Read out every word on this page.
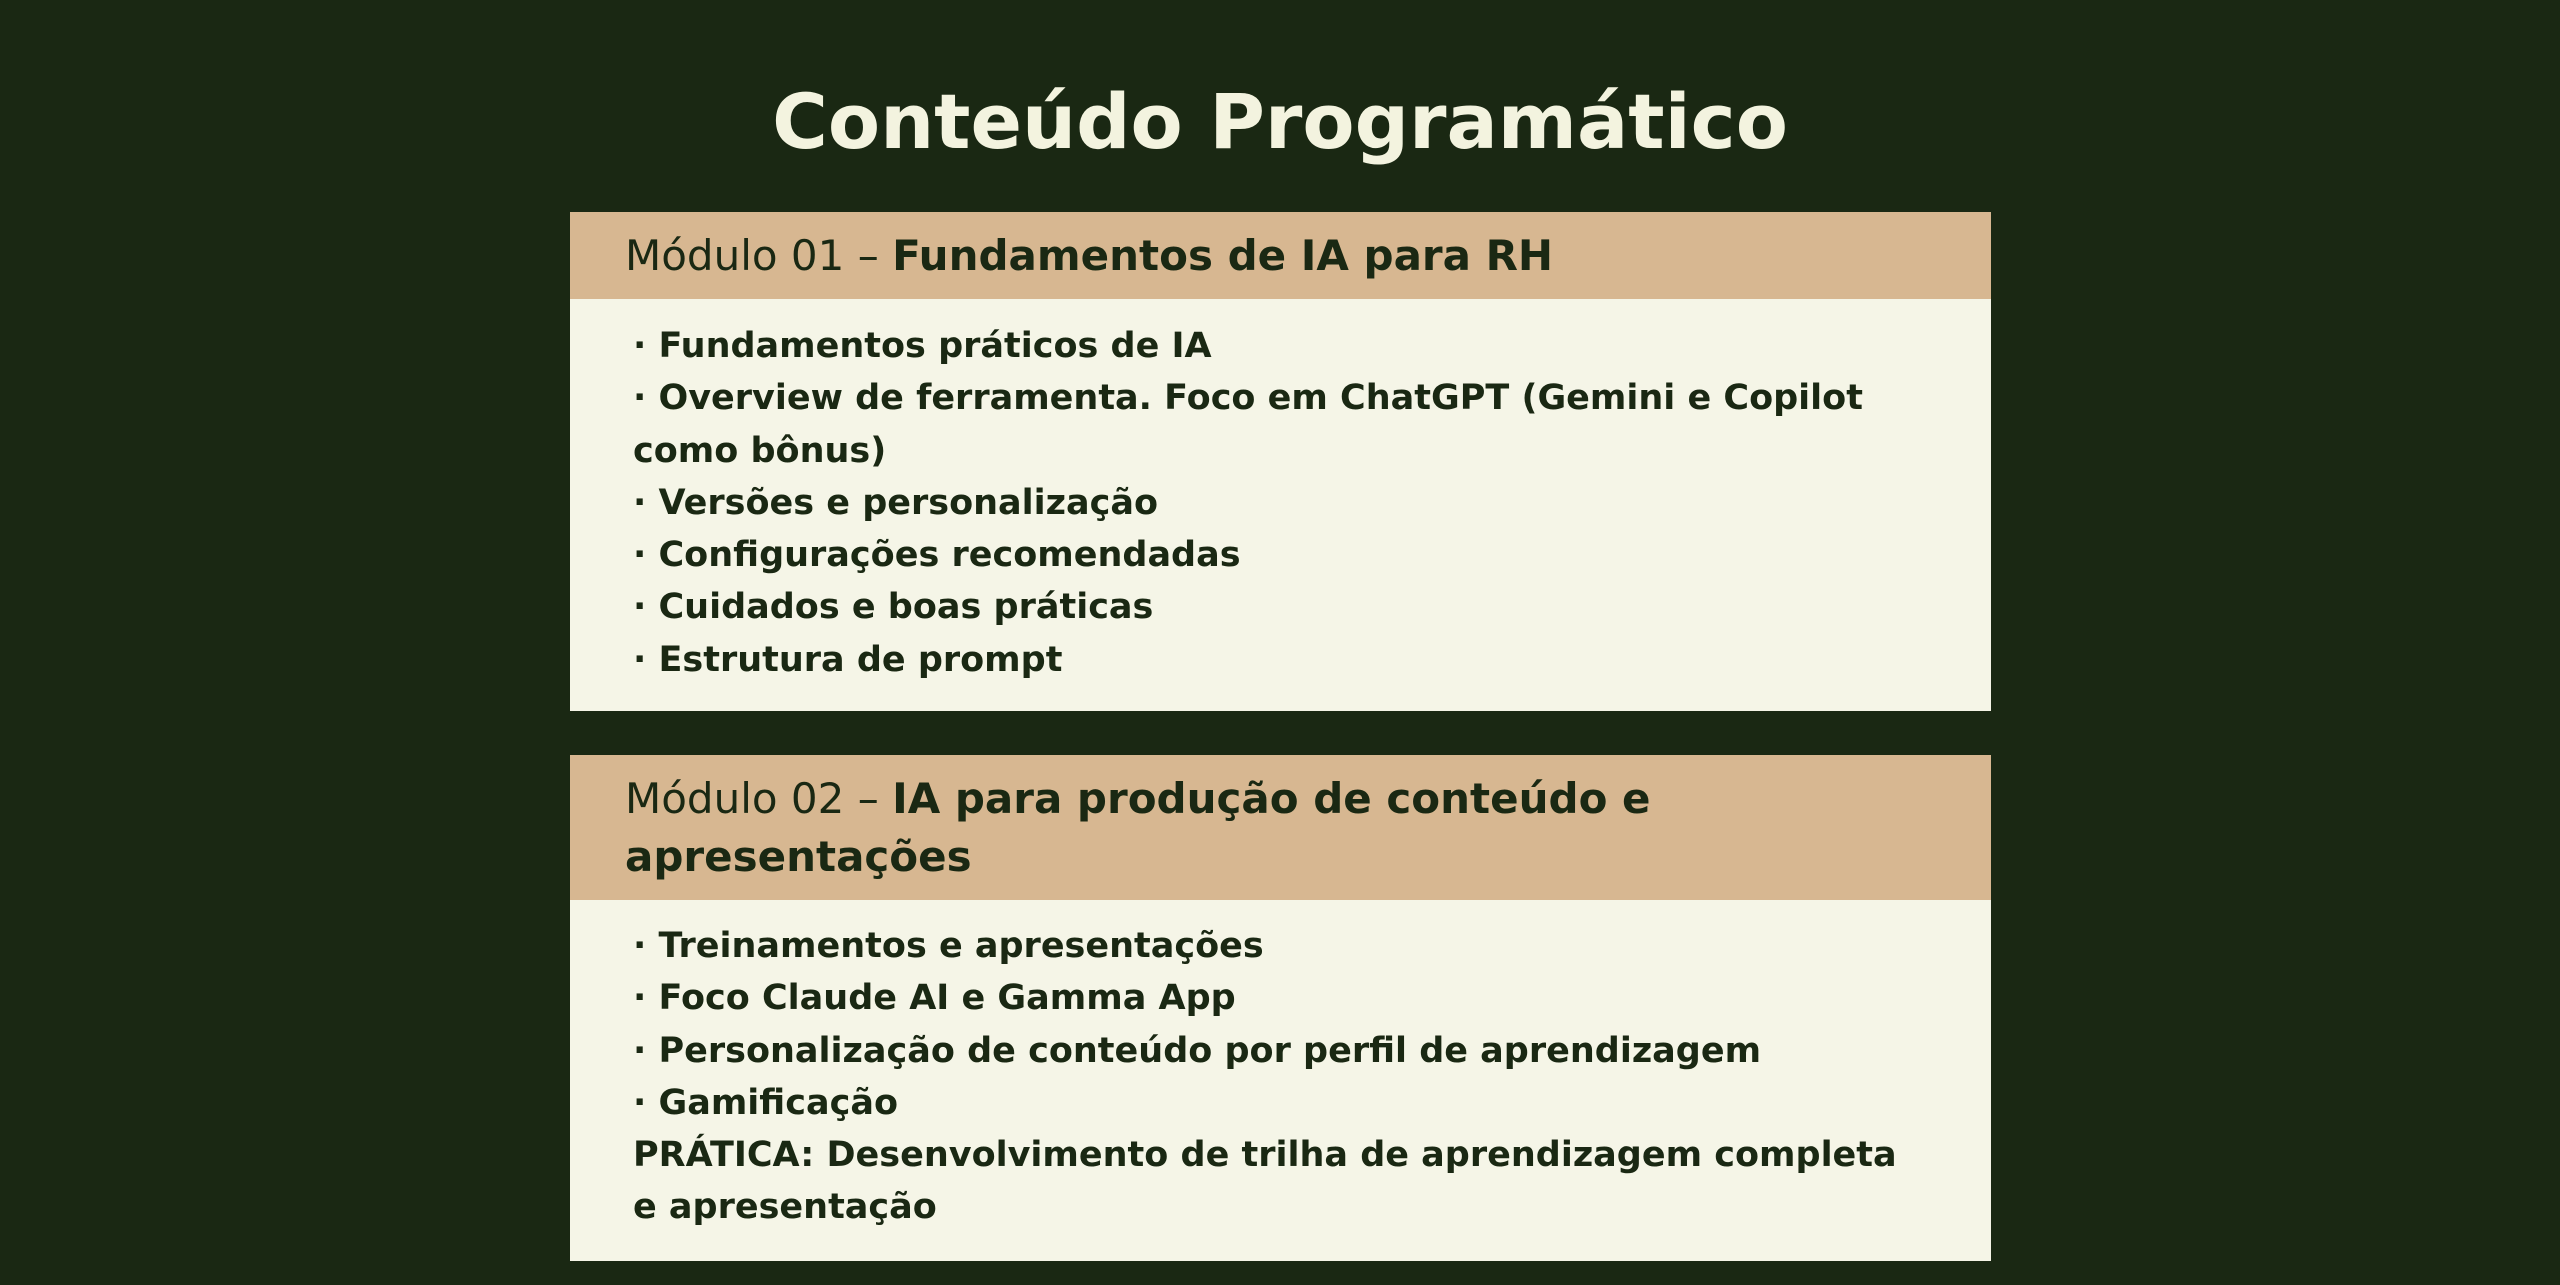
Conteúdo Programático
Módulo 01 – Fundamentos de IA para RH

· Fundamentos práticos de IA

· Overview de ferramenta. Foco em ChatGPT (Gemini e Copilot como bônus)

· Versões e personalização

· Configurações recomendadas

· Cuidados e boas práticas

· Estrutura de prompt

Módulo 02 – IA para produção de conteúdo e apresentações

· Treinamentos e apresentações

· Foco Claude AI e Gamma App

· Personalização de conteúdo por perfil de aprendizagem

· Gamificação

PRÁTICA: Desenvolvimento de trilha de aprendizagem completa e apresentação
